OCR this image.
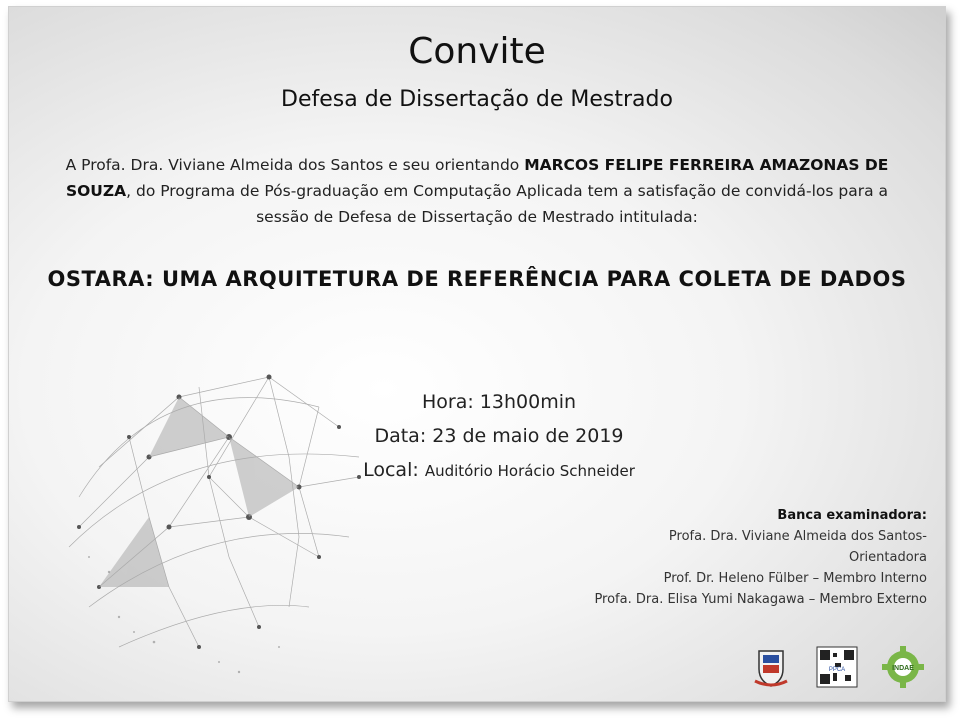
Convite
Defesa de Dissertação de Mestrado
A Profa. Dra. Viviane Almeida dos Santos e seu orientando MARCOS FELIPE FERREIRA AMAZONAS DE SOUZA, do Programa de Pós-graduação em Computação Aplicada tem a satisfação de convidá-los para a sessão de Defesa de Dissertação de Mestrado intitulada:
OSTARA: UMA ARQUITETURA DE REFERÊNCIA PARA COLETA DE DADOS
Hora: 13h00min
Data: 23 de maio de 2019
Local: Auditório Horácio Schneider
Banca examinadora:
Profa. Dra. Viviane Almeida dos Santos- Orientadora
Prof. Dr. Heleno Fülber – Membro Interno
Profa. Dra. Elisa Yumi Nakagawa – Membro Externo
PPCA	INDAE
